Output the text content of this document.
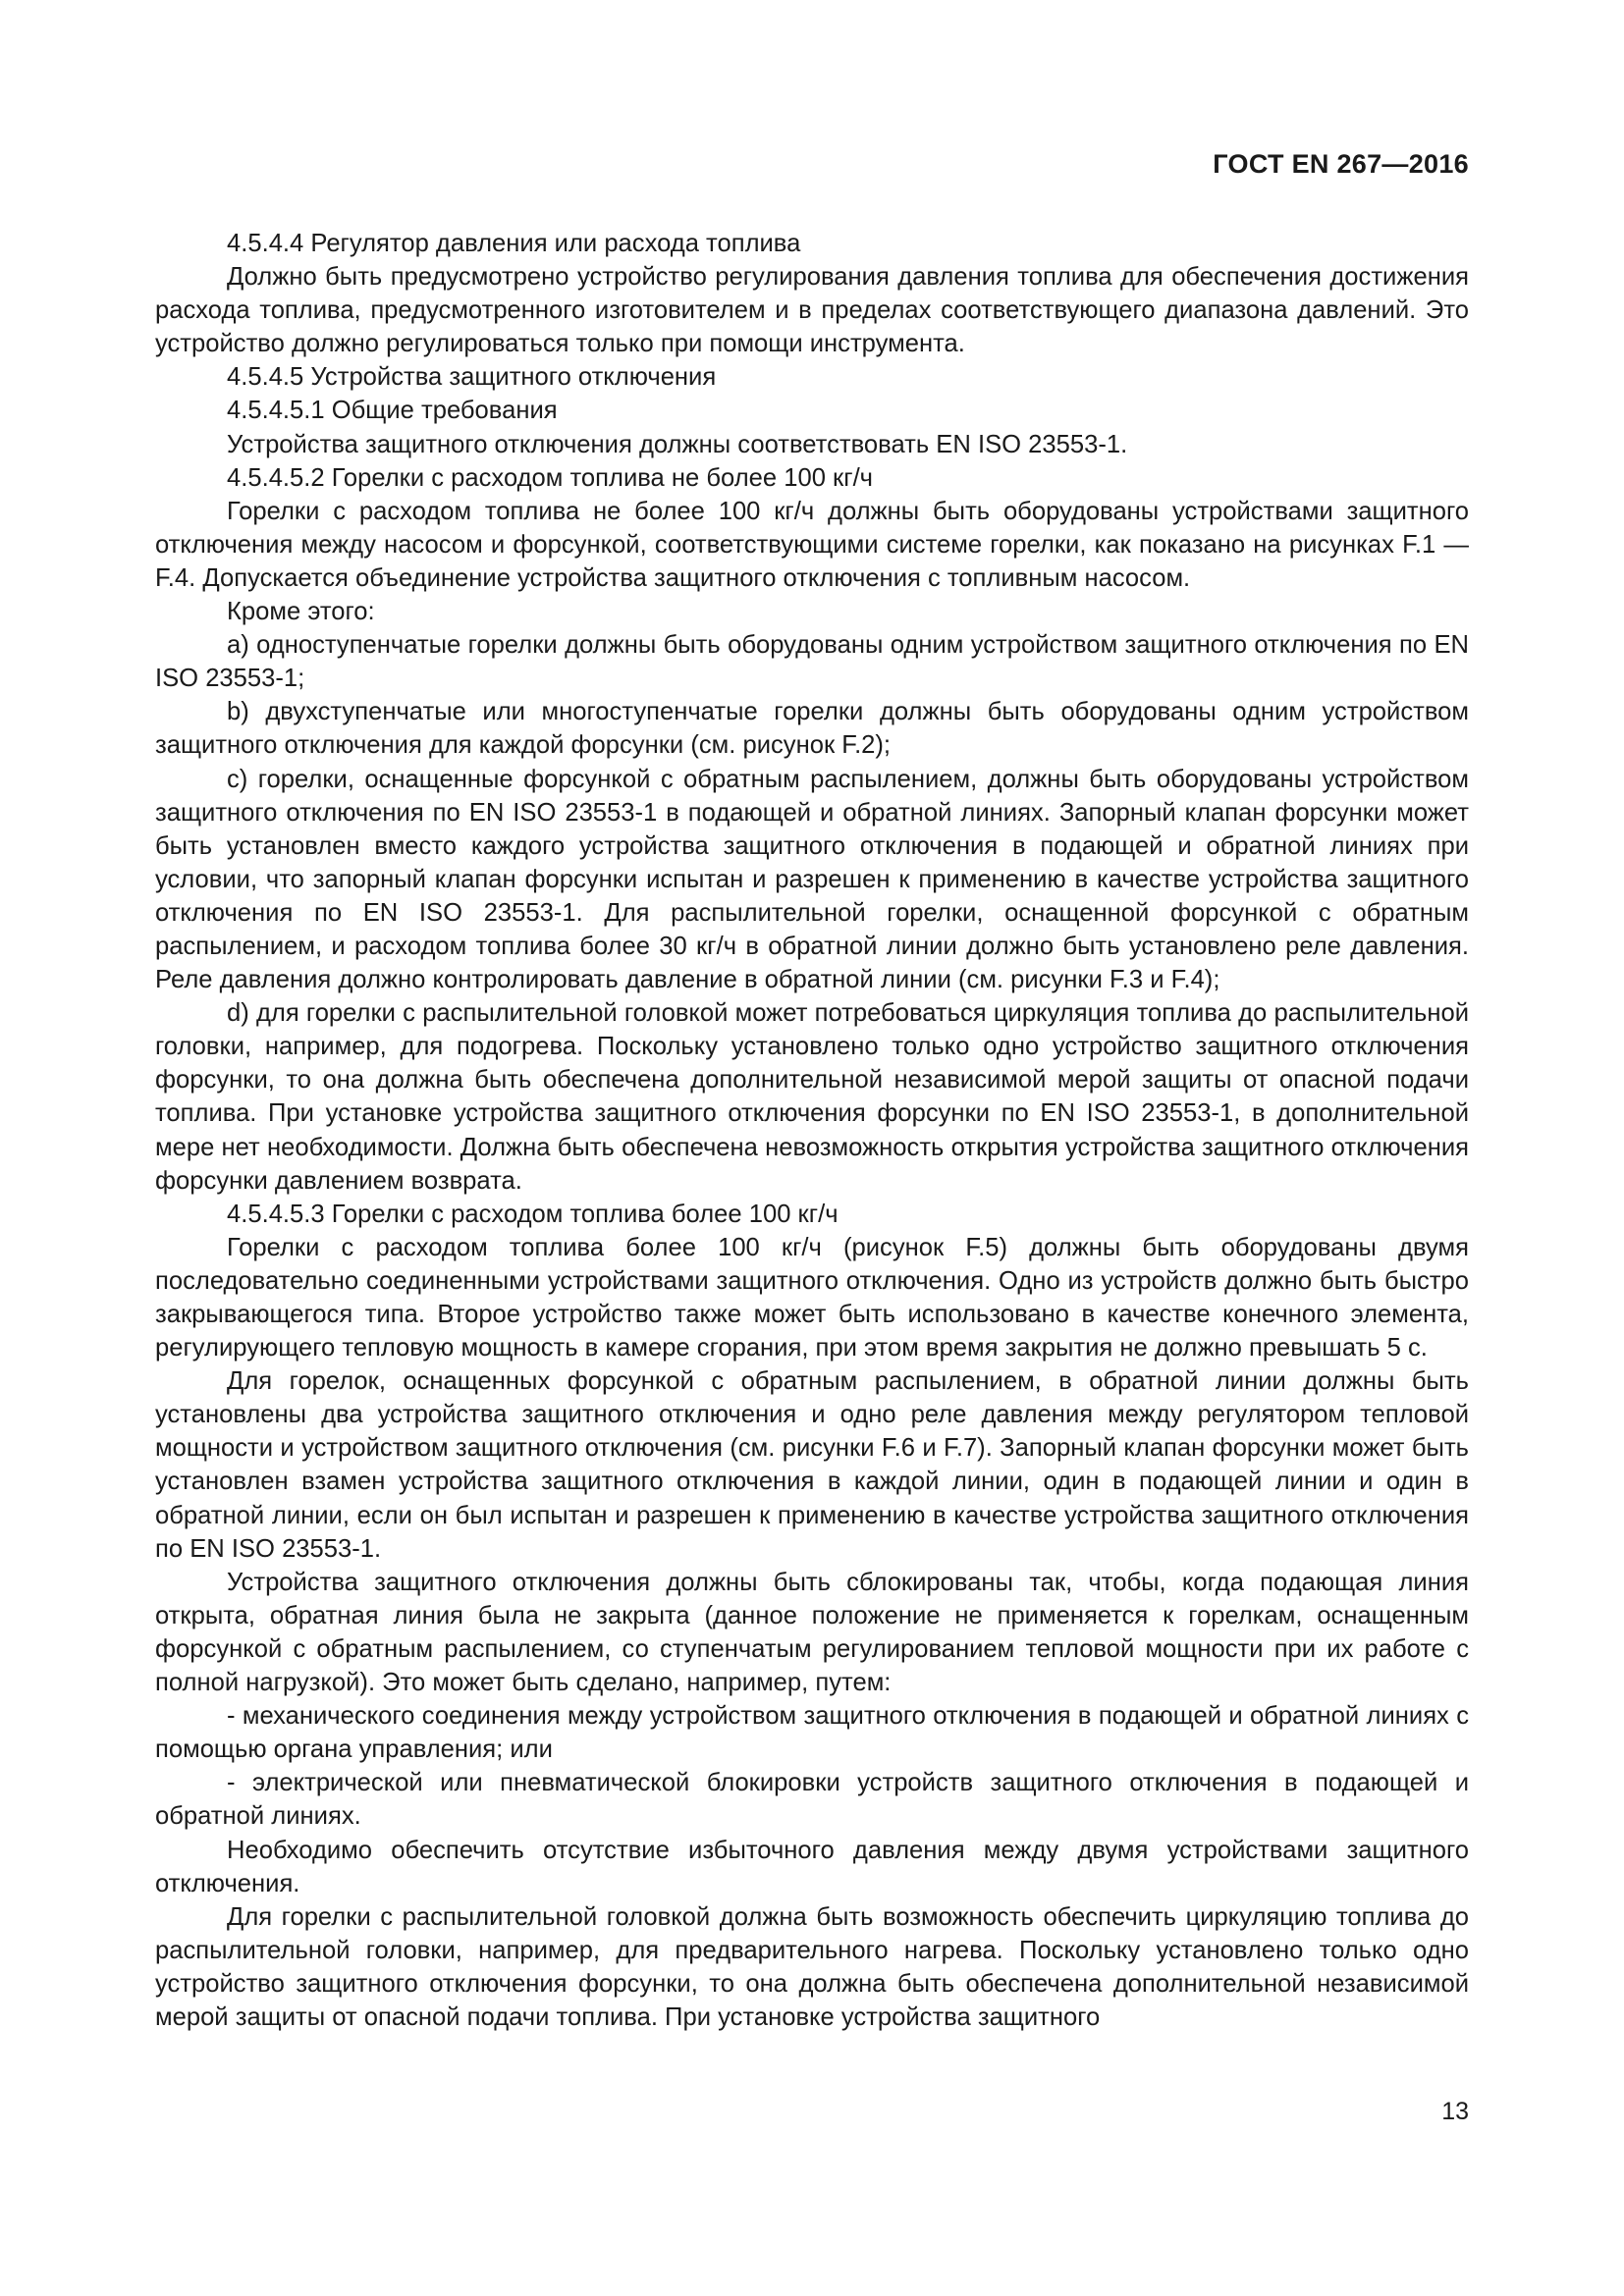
ГОСТ EN 267—2016

4.5.4.4 Регулятор давления или расхода топлива

Должно быть предусмотрено устройство регулирования давления топлива для обеспечения достижения расхода топлива, предусмотренного изготовителем и в пределах соответствующего диапазона давлений. Это устройство должно регулироваться только при помощи инструмента.

4.5.4.5 Устройства защитного отключения

4.5.4.5.1 Общие требования

Устройства защитного отключения должны соответствовать EN ISO 23553-1.

4.5.4.5.2 Горелки с расходом топлива не более 100 кг/ч

Горелки с расходом топлива не более 100 кг/ч должны быть оборудованы устройствами защитного отключения между насосом и форсункой, соответствующими системе горелки, как показано на рисунках F.1 — F.4. Допускается объединение устройства защитного отключения с топливным насосом.

Кроме этого:

а) одноступенчатые горелки должны быть оборудованы одним устройством защитного отключения по EN ISO 23553-1;

b) двухступенчатые или многоступенчатые горелки должны быть оборудованы одним устройством защитного отключения для каждой форсунки (см. рисунок F.2);

с) горелки, оснащенные форсункой с обратным распылением, должны быть оборудованы устройством защитного отключения по EN ISO 23553-1 в подающей и обратной линиях. Запорный клапан форсунки может быть установлен вместо каждого устройства защитного отключения в подающей и обратной линиях при условии, что запорный клапан форсунки испытан и разрешен к применению в качестве устройства защитного отключения по EN ISO 23553-1. Для распылительной горелки, оснащенной форсункой с обратным распылением, и расходом топлива более 30 кг/ч в обратной линии должно быть установлено реле давления. Реле давления должно контролировать давление в обратной линии (см. рисунки F.3 и F.4);

d) для горелки с распылительной головкой может потребоваться циркуляция топлива до распылительной головки, например, для подогрева. Поскольку установлено только одно устройство защитного отключения форсунки, то она должна быть обеспечена дополнительной независимой мерой защиты от опасной подачи топлива. При установке устройства защитного отключения форсунки по EN ISO 23553-1, в дополнительной мере нет необходимости. Должна быть обеспечена невозможность открытия устройства защитного отключения форсунки давлением возврата.

4.5.4.5.3 Горелки с расходом топлива более 100 кг/ч

Горелки с расходом топлива более 100 кг/ч (рисунок F.5) должны быть оборудованы двумя последовательно соединенными устройствами защитного отключения. Одно из устройств должно быть быстро закрывающегося типа. Второе устройство также может быть использовано в качестве конечного элемента, регулирующего тепловую мощность в камере сгорания, при этом время закрытия не должно превышать 5 с.

Для горелок, оснащенных форсункой с обратным распылением, в обратной линии должны быть установлены два устройства защитного отключения и одно реле давления между регулятором тепловой мощности и устройством защитного отключения (см. рисунки F.6 и F.7). Запорный клапан форсунки может быть установлен взамен устройства защитного отключения в каждой линии, один в подающей линии и один в обратной линии, если он был испытан и разрешен к применению в качестве устройства защитного отключения по EN ISO 23553-1.

Устройства защитного отключения должны быть сблокированы так, чтобы, когда подающая линия открыта, обратная линия была не закрыта (данное положение не применяется к горелкам, оснащенным форсункой с обратным распылением, со ступенчатым регулированием тепловой мощности при их работе с полной нагрузкой). Это может быть сделано, например, путем:

- механического соединения между устройством защитного отключения в подающей и обратной линиях с помощью органа управления; или

- электрической или пневматической блокировки устройств защитного отключения в подающей и обратной линиях.

Необходимо обеспечить отсутствие избыточного давления между двумя устройствами защитного отключения.

Для горелки с распылительной головкой должна быть возможность обеспечить циркуляцию топлива до распылительной головки, например, для предварительного нагрева. Поскольку установлено только одно устройство защитного отключения форсунки, то она должна быть обеспечена дополнительной независимой мерой защиты от опасной подачи топлива. При установке устройства защитного

13
